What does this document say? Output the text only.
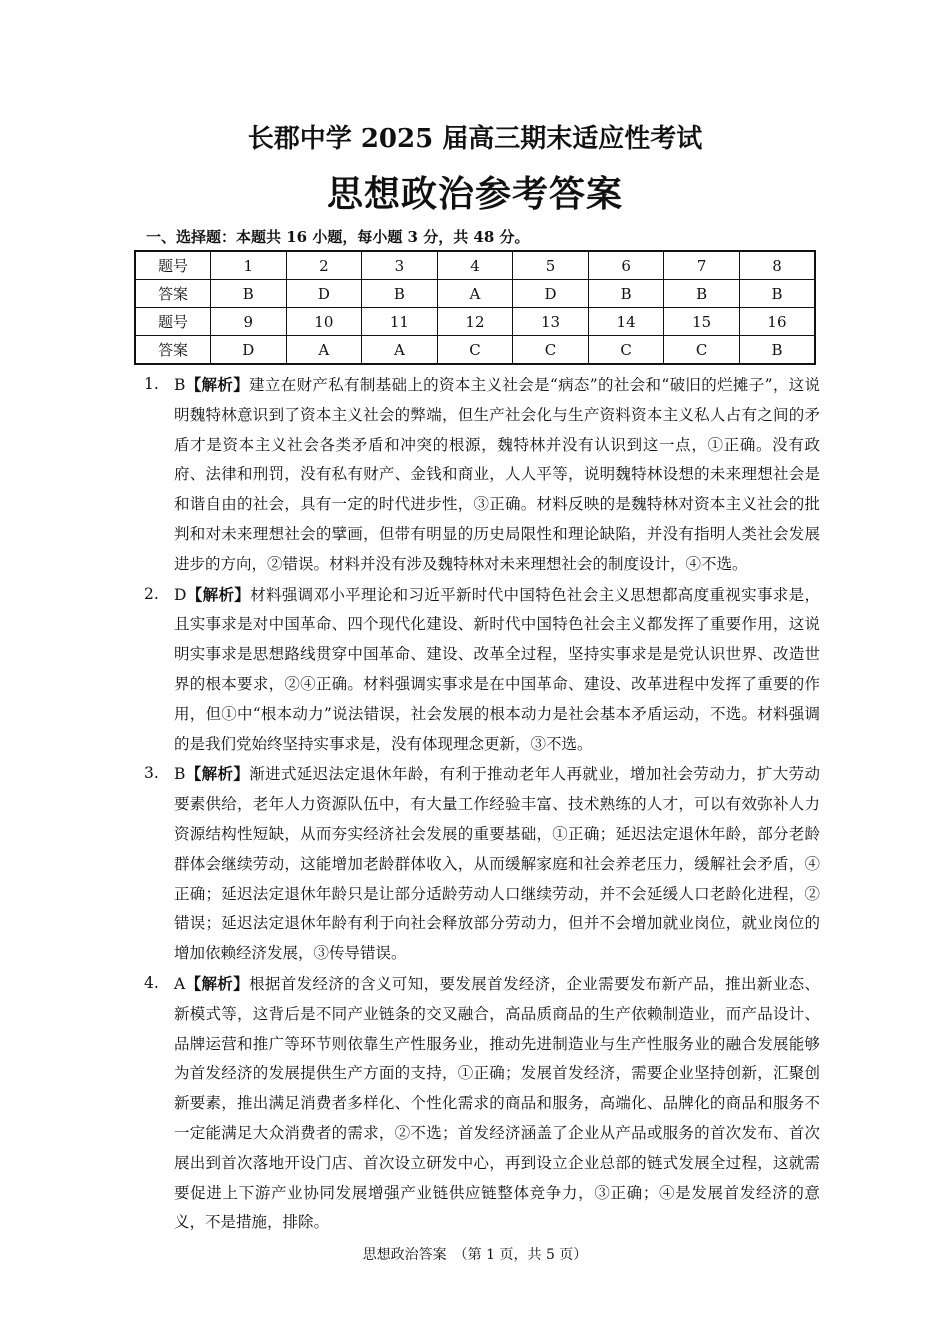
长郡中学 2025 届高三期末适应性考试
思想政治参考答案
一、选择题：本题共 16 小题，每小题 3 分，共 48 分。
题号	1	2	3	4	5	6	7	8
答案	B	D	B	A	D	B	B	B
题号	9	10	11	12	13	14	15	16
答案	D	A	A	C	C	C	C	B
1. B【解析】建立在财产私有制基础上的资本主义社会是“病态”的社会和“破旧的烂摊子”，这说明魏特林意识到了资本主义社会的弊端，但生产社会化与生产资料资本主义私人占有之间的矛盾才是资本主义社会各类矛盾和冲突的根源，魏特林并没有认识到这一点，①正确。没有政府、法律和刑罚，没有私有财产、金钱和商业，人人平等，说明魏特林设想的未来理想社会是和谐自由的社会，具有一定的时代进步性，③正确。材料反映的是魏特林对资本主义社会的批判和对未来理想社会的擘画，但带有明显的历史局限性和理论缺陷，并没有指明人类社会发展进步的方向，②错误。材料并没有涉及魏特林对未来理想社会的制度设计，④不选。
2. D【解析】材料强调邓小平理论和习近平新时代中国特色社会主义思想都高度重视实事求是，且实事求是对中国革命、四个现代化建设、新时代中国特色社会主义都发挥了重要作用，这说明实事求是思想路线贯穿中国革命、建设、改革全过程，坚持实事求是是党认识世界、改造世界的根本要求，②④正确。材料强调实事求是在中国革命、建设、改革进程中发挥了重要的作用，但①中“根本动力”说法错误，社会发展的根本动力是社会基本矛盾运动，不选。材料强调的是我们党始终坚持实事求是，没有体现理念更新，③不选。
3. B【解析】渐进式延迟法定退休年龄，有利于推动老年人再就业，增加社会劳动力，扩大劳动要素供给，老年人力资源队伍中，有大量工作经验丰富、技术熟练的人才，可以有效弥补人力资源结构性短缺，从而夯实经济社会发展的重要基础，①正确；延迟法定退休年龄，部分老龄群体会继续劳动，这能增加老龄群体收入，从而缓解家庭和社会养老压力，缓解社会矛盾，④正确；延迟法定退休年龄只是让部分适龄劳动人口继续劳动，并不会延缓人口老龄化进程，②错误；延迟法定退休年龄有利于向社会释放部分劳动力，但并不会增加就业岗位，就业岗位的增加依赖经济发展，③传导错误。
4. A【解析】根据首发经济的含义可知，要发展首发经济，企业需要发布新产品，推出新业态、新模式等，这背后是不同产业链条的交叉融合，高品质商品的生产依赖制造业，而产品设计、品牌运营和推广等环节则依靠生产性服务业，推动先进制造业与生产性服务业的融合发展能够为首发经济的发展提供生产方面的支持，①正确；发展首发经济，需要企业坚持创新，汇聚创新要素，推出满足消费者多样化、个性化需求的商品和服务，高端化、品牌化的商品和服务不一定能满足大众消费者的需求，②不选；首发经济涵盖了企业从产品或服务的首次发布、首次展出到首次落地开设门店、首次设立研发中心，再到设立企业总部的链式发展全过程，这就需要促进上下游产业协同发展增强产业链供应链整体竞争力，③正确；④是发展首发经济的意义，不是措施，排除。
思想政治答案　（第 1 页，共 5 页）
